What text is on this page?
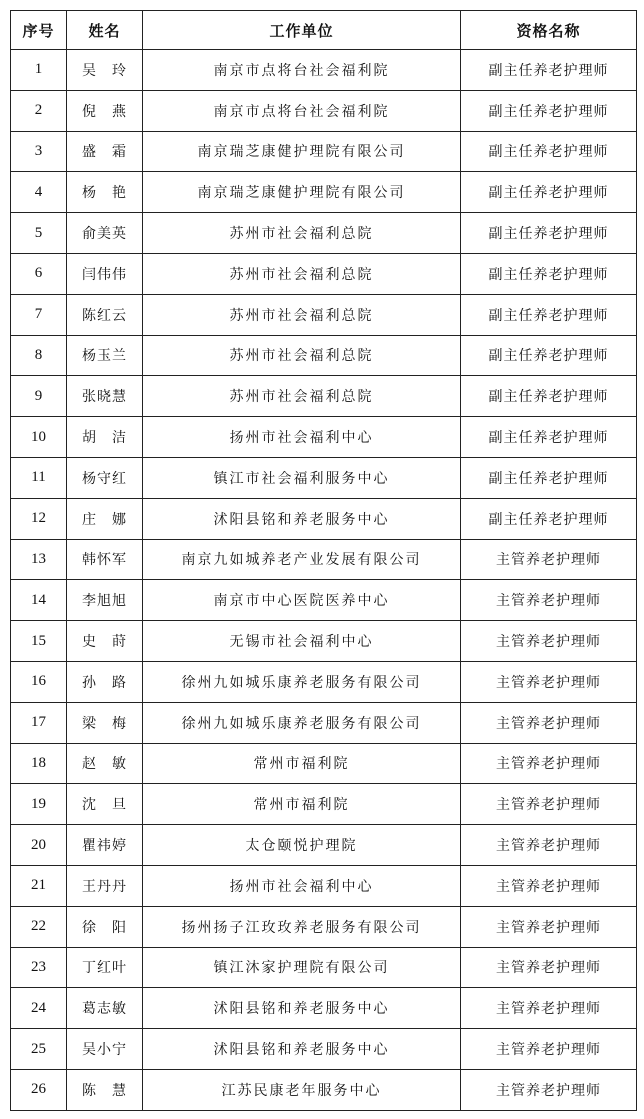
序号	姓名	工作单位	资格名称
1	吴　玲	南京市点将台社会福利院	副主任养老护理师
2	倪　燕	南京市点将台社会福利院	副主任养老护理师
3	盛　霜	南京瑞芝康健护理院有限公司	副主任养老护理师
4	杨　艳	南京瑞芝康健护理院有限公司	副主任养老护理师
5	俞美英	苏州市社会福利总院	副主任养老护理师
6	闫伟伟	苏州市社会福利总院	副主任养老护理师
7	陈红云	苏州市社会福利总院	副主任养老护理师
8	杨玉兰	苏州市社会福利总院	副主任养老护理师
9	张晓慧	苏州市社会福利总院	副主任养老护理师
10	胡　洁	扬州市社会福利中心	副主任养老护理师
11	杨守红	镇江市社会福利服务中心	副主任养老护理师
12	庄　娜	沭阳县铭和养老服务中心	副主任养老护理师
13	韩怀军	南京九如城养老产业发展有限公司	主管养老护理师
14	李旭旭	南京市中心医院医养中心	主管养老护理师
15	史　莳	无锡市社会福利中心	主管养老护理师
16	孙　路	徐州九如城乐康养老服务有限公司	主管养老护理师
17	梁　梅	徐州九如城乐康养老服务有限公司	主管养老护理师
18	赵　敏	常州市福利院	主管养老护理师
19	沈　旦	常州市福利院	主管养老护理师
20	瞿祎婷	太仓颐悦护理院	主管养老护理师
21	王丹丹	扬州市社会福利中心	主管养老护理师
22	徐　阳	扬州扬子江玫玫养老服务有限公司	主管养老护理师
23	丁红叶	镇江沐家护理院有限公司	主管养老护理师
24	葛志敏	沭阳县铭和养老服务中心	主管养老护理师
25	吴小宁	沭阳县铭和养老服务中心	主管养老护理师
26	陈　慧	江苏民康老年服务中心	主管养老护理师
